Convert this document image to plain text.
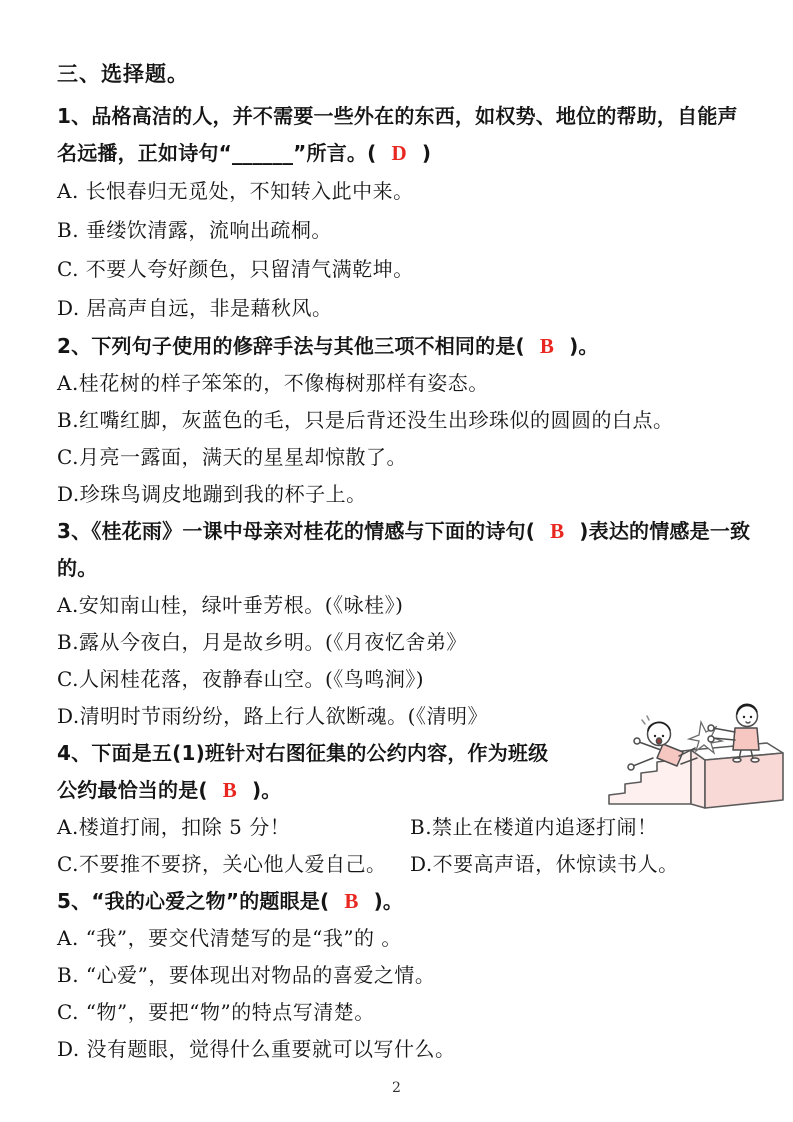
三、选择题。
1、品格高洁的人，并不需要一些外在的东西，如权势、地位的帮助，自能声
名远播，正如诗句“______”所言。( D )
A. 长恨春归无觅处，不知转入此中来。
B. 垂缕饮清露，流响出疏桐。
C. 不要人夸好颜色，只留清气满乾坤。
D. 居高声自远，非是藉秋风。
2、下列句子使用的修辞手法与其他三项不相同的是( B )。
A.桂花树的样子笨笨的，不像梅树那样有姿态。
B.红嘴红脚，灰蓝色的毛，只是后背还没生出珍珠似的圆圆的白点。
C.月亮一露面，满天的星星却惊散了。
D.珍珠鸟调皮地蹦到我的杯子上。
3、《桂花雨》一课中母亲对桂花的情感与下面的诗句( B )表达的情感是一致
的。
A.安知南山桂，绿叶垂芳根。(《咏桂》)
B.露从今夜白，月是故乡明。(《月夜忆舍弟》
C.人闲桂花落，夜静春山空。(《鸟鸣涧》)
D.清明时节雨纷纷，路上行人欲断魂。(《清明》
4、下面是五(1)班针对右图征集的公约内容，作为班级
公约最恰当的是( B )。
A.楼道打闹，扣除 5 分！	B.禁止在楼道内追逐打闹！
C.不要推不要挤，关心他人爱自己。	D.不要高声语，休惊读书人。
5、“我的心爱之物”的题眼是( B )。
A. “我”，要交代清楚写的是“我”的 。
B. “心爱”，要体现出对物品的喜爱之情。
C. “物”，要把“物”的特点写清楚。
D. 没有题眼，觉得什么重要就可以写什么。
2
